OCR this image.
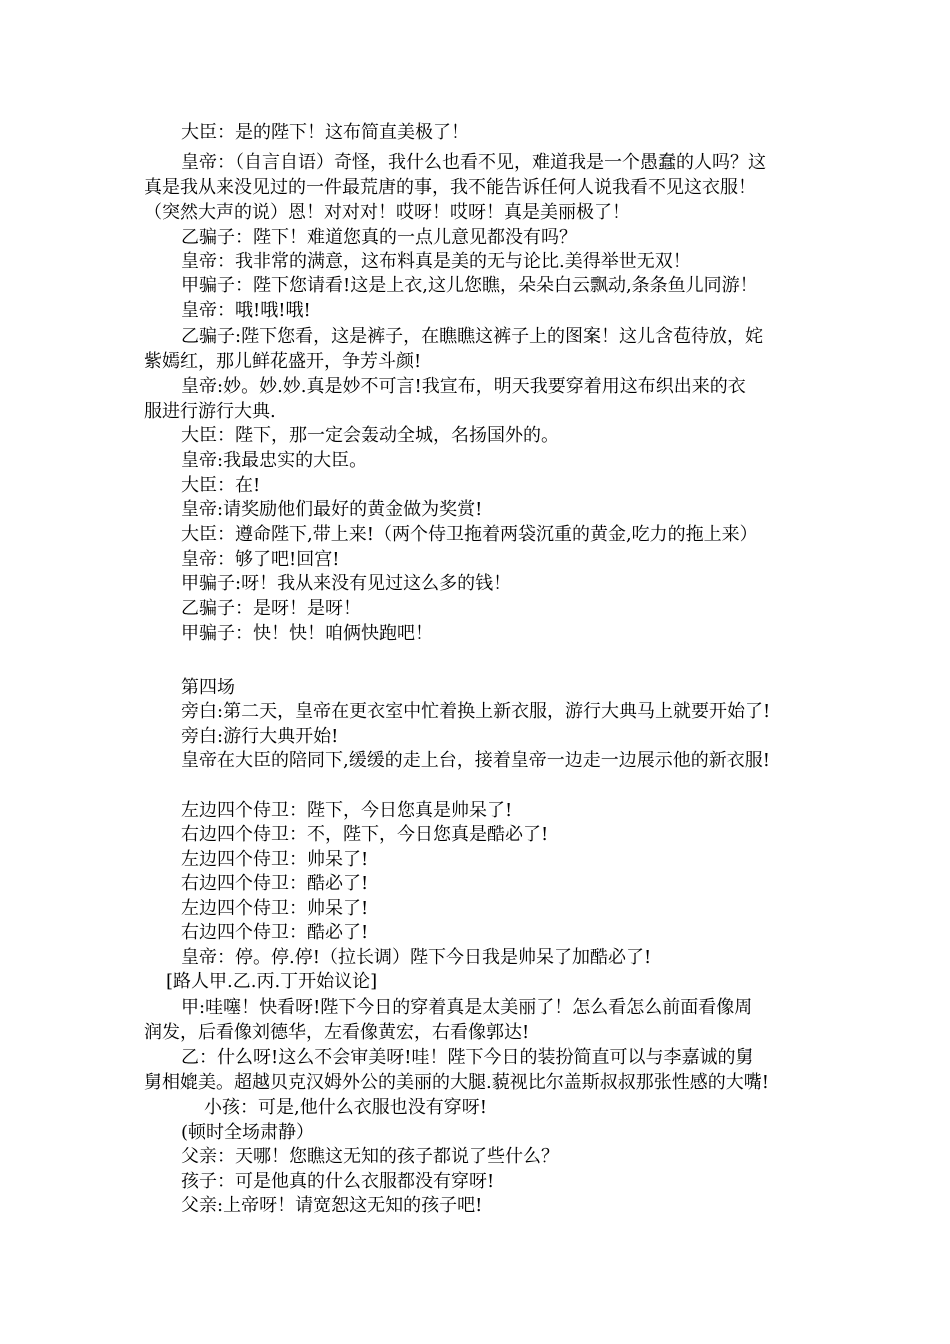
大臣：是的陛下！这布简直美极了！
皇帝：（自言自语）奇怪，我什么也看不见，难道我是一个愚蠢的人吗？这
真是我从来没见过的一件最荒唐的事，我不能告诉任何人说我看不见这衣服！
（突然大声的说）恩！对对对！哎呀！哎呀！真是美丽极了！
乙骗子：陛下！难道您真的一点儿意见都没有吗？
皇帝：我非常的满意，这布料真是美的无与论比.美得举世无双！
甲骗子：陛下您请看!这是上衣,这儿您瞧，朵朵白云飘动,条条鱼儿同游！
皇帝：哦!哦!哦!
乙骗子:陛下您看，这是裤子，在瞧瞧这裤子上的图案！这儿含苞待放，姹
紫嫣红，那儿鲜花盛开，争芳斗颜!
皇帝:妙。妙.妙.真是妙不可言!我宣布，明天我要穿着用这布织出来的衣
服进行游行大典.
大臣：陛下，那一定会轰动全城，名扬国外的。
皇帝:我最忠实的大臣。
大臣：在!
皇帝:请奖励他们最好的黄金做为奖赏!
大臣：遵命陛下,带上来!（两个侍卫拖着两袋沉重的黄金,吃力的拖上来）
皇帝：够了吧!回宫!
甲骗子:呀！我从来没有见过这么多的钱！
乙骗子：是呀！是呀！
甲骗子：快！快！咱俩快跑吧！
第四场
旁白:第二天，皇帝在更衣室中忙着换上新衣服，游行大典马上就要开始了!
旁白:游行大典开始!
皇帝在大臣的陪同下,缓缓的走上台，接着皇帝一边走一边展示他的新衣服!
左边四个侍卫：陛下，今日您真是帅呆了!
右边四个侍卫：不，陛下，今日您真是酷必了!
左边四个侍卫：帅呆了!
右边四个侍卫：酷必了!
左边四个侍卫：帅呆了!
右边四个侍卫：酷必了!
皇帝：停。停.停!（拉长调）陛下今日我是帅呆了加酷必了!
[路人甲.乙.丙.丁开始议论]
甲:哇噻！快看呀!陛下今日的穿着真是太美丽了！怎么看怎么前面看像周
润发，后看像刘德华，左看像黄宏，右看像郭达!
乙：什么呀!这么不会审美呀!哇！陛下今日的装扮简直可以与李嘉诚的舅
舅相媲美。超越贝克汉姆外公的美丽的大腿.藐视比尔盖斯叔叔那张性感的大嘴!
小孩：可是,他什么衣服也没有穿呀!
(顿时全场肃静）
父亲：天哪！您瞧这无知的孩子都说了些什么？
孩子：可是他真的什么衣服都没有穿呀!
父亲:上帝呀！请宽恕这无知的孩子吧!
